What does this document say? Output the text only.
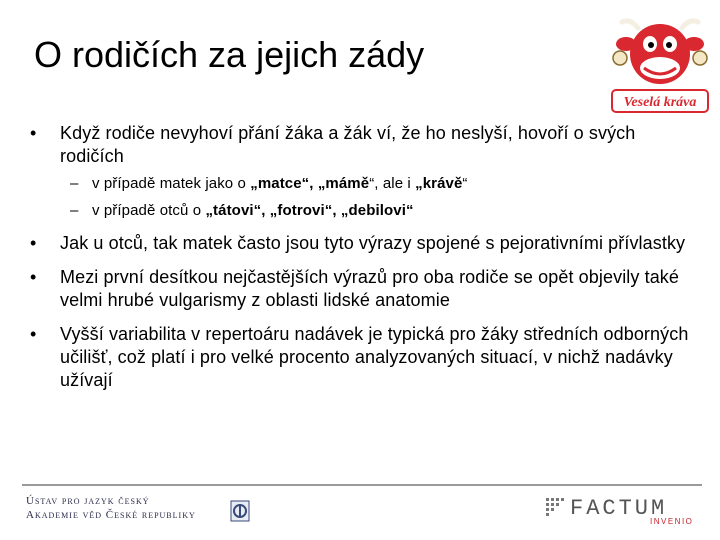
O rodičích za jejich zády
Veselá kráva
• Když rodiče nevyhoví přání žáka a žák ví, že ho neslyší, hovoří o svých rodičích
– v případě matek jako o „matce“, „mámě“, ale i „krávě“
– v případě otců o „tátovi“, „fotrovi“, „debilovi“
• Jak u otců, tak matek často jsou tyto výrazy spojené s pejorativními přívlastky
• Mezi první desítkou nejčastějších výrazů pro oba rodiče se opět objevily také velmi hrubé vulgarismy z oblasti lidské anatomie
• Vyšší variabilita v repertoáru nadávek je typická pro žáky středních odborných učilišť, což platí i pro velké procento analyzovaných situací, v nichž nadávky užívají
Ústav pro jazyk český
Akademie věd České republiky	FACTUM
INVENIO
